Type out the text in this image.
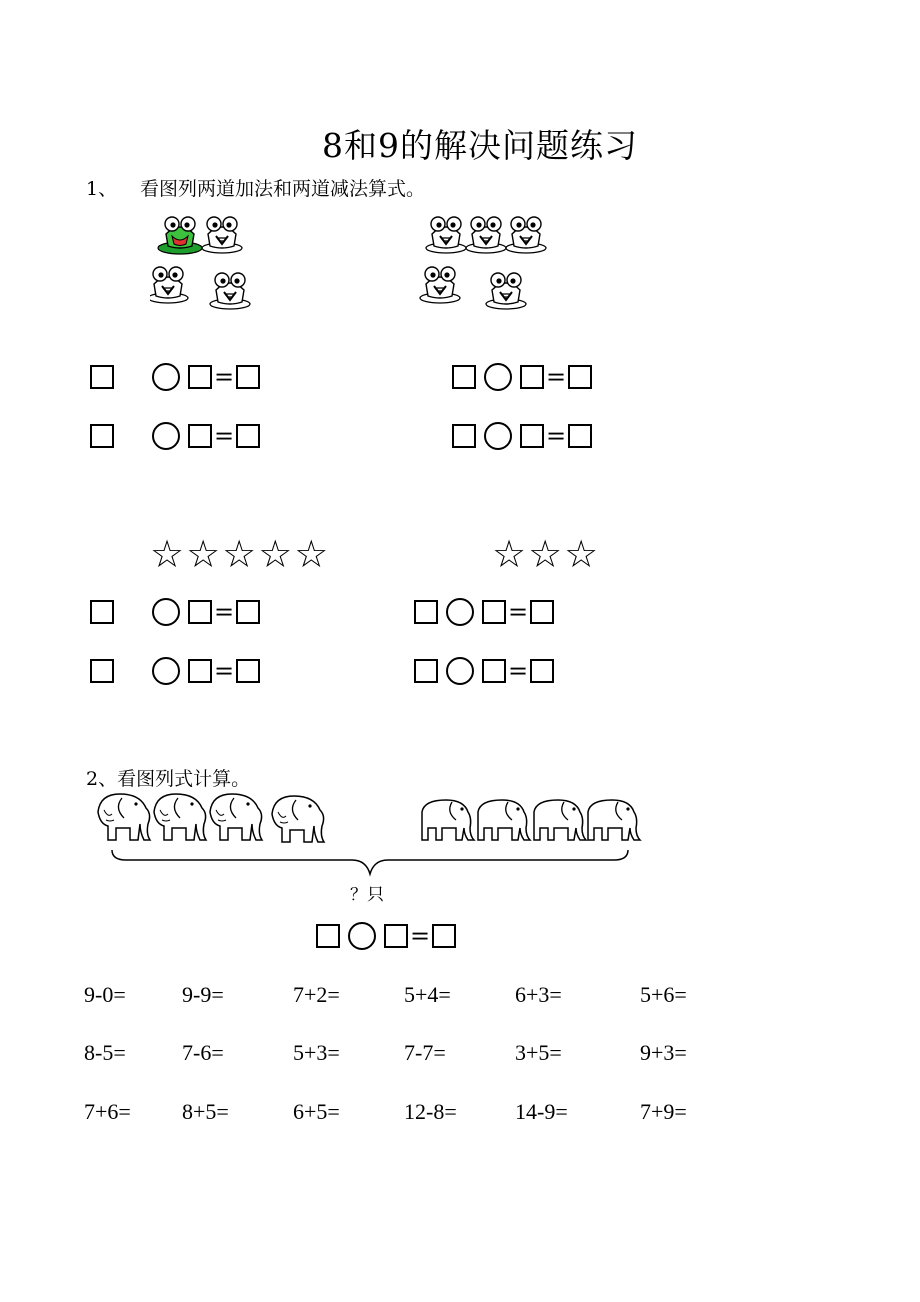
8和9的解决问题练习
1、 看图列两道加法和两道减法算式。
=
=
=
=
☆☆☆☆☆	☆☆☆
=
=
=
=
2、看图列式计算。
？只
=
9-0=	9-9=	7+2=	5+4=	6+3=	5+6=
8-5=	7-6=	5+3=	7-7=	3+5=	9+3=
7+6= 8+5=	6+5=	12-8=	14-9=	7+9=
